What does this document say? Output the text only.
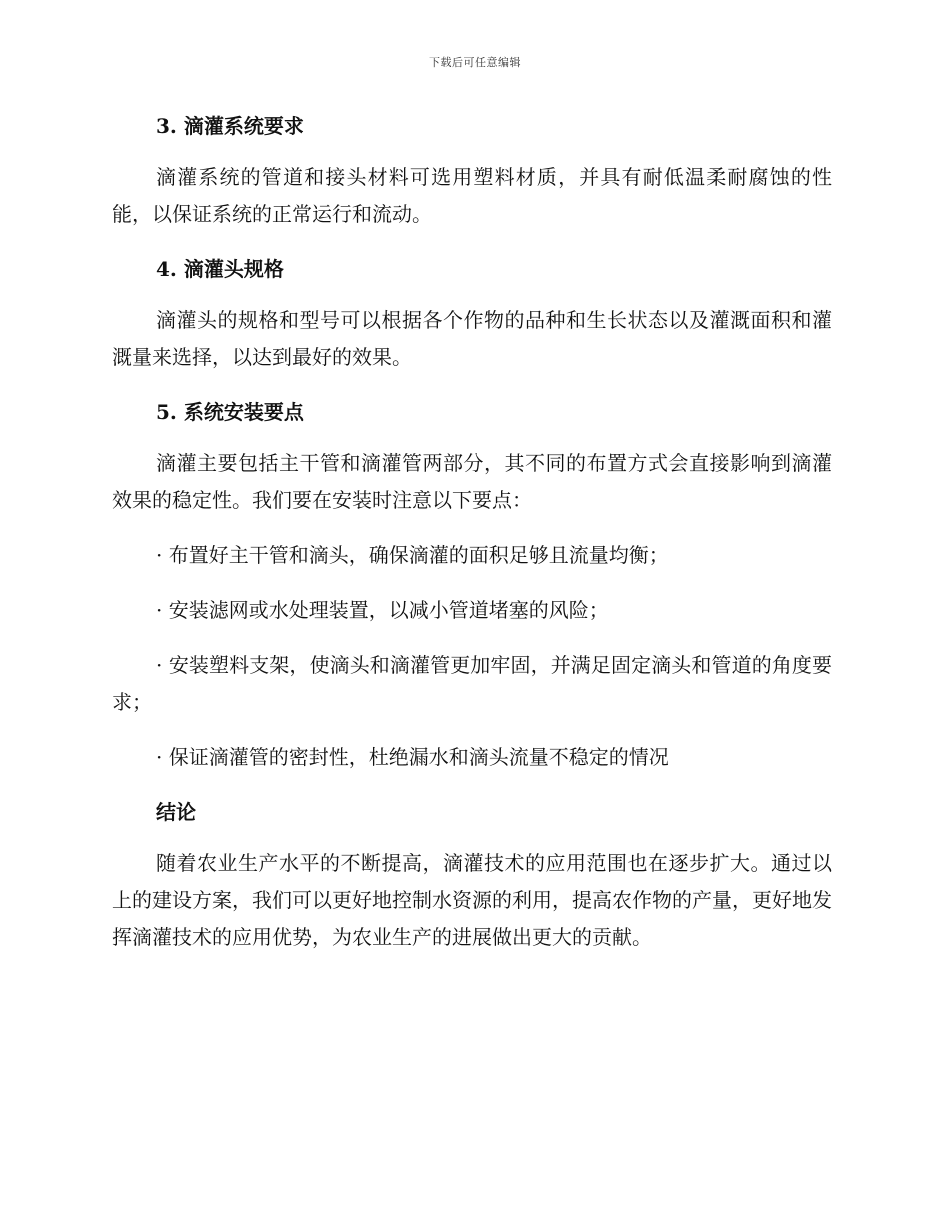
下载后可任意编辑
3. 滴灌系统要求

滴灌系统的管道和接头材料可选用塑料材质，并具有耐低温柔耐腐蚀的性能，以保证系统的正常运行和流动。

4. 滴灌头规格

滴灌头的规格和型号可以根据各个作物的品种和生长状态以及灌溉面积和灌溉量来选择，以达到最好的效果。

5. 系统安装要点

滴灌主要包括主干管和滴灌管两部分，其不同的布置方式会直接影响到滴灌效果的稳定性。我们要在安装时注意以下要点：

· 布置好主干管和滴头，确保滴灌的面积足够且流量均衡；

· 安装滤网或水处理装置，以减小管道堵塞的风险；

· 安装塑料支架，使滴头和滴灌管更加牢固，并满足固定滴头和管道的角度要求；

· 保证滴灌管的密封性，杜绝漏水和滴头流量不稳定的情况

结论

随着农业生产水平的不断提高，滴灌技术的应用范围也在逐步扩大。通过以上的建设方案，我们可以更好地控制水资源的利用，提高农作物的产量，更好地发挥滴灌技术的应用优势，为农业生产的进展做出更大的贡献。
